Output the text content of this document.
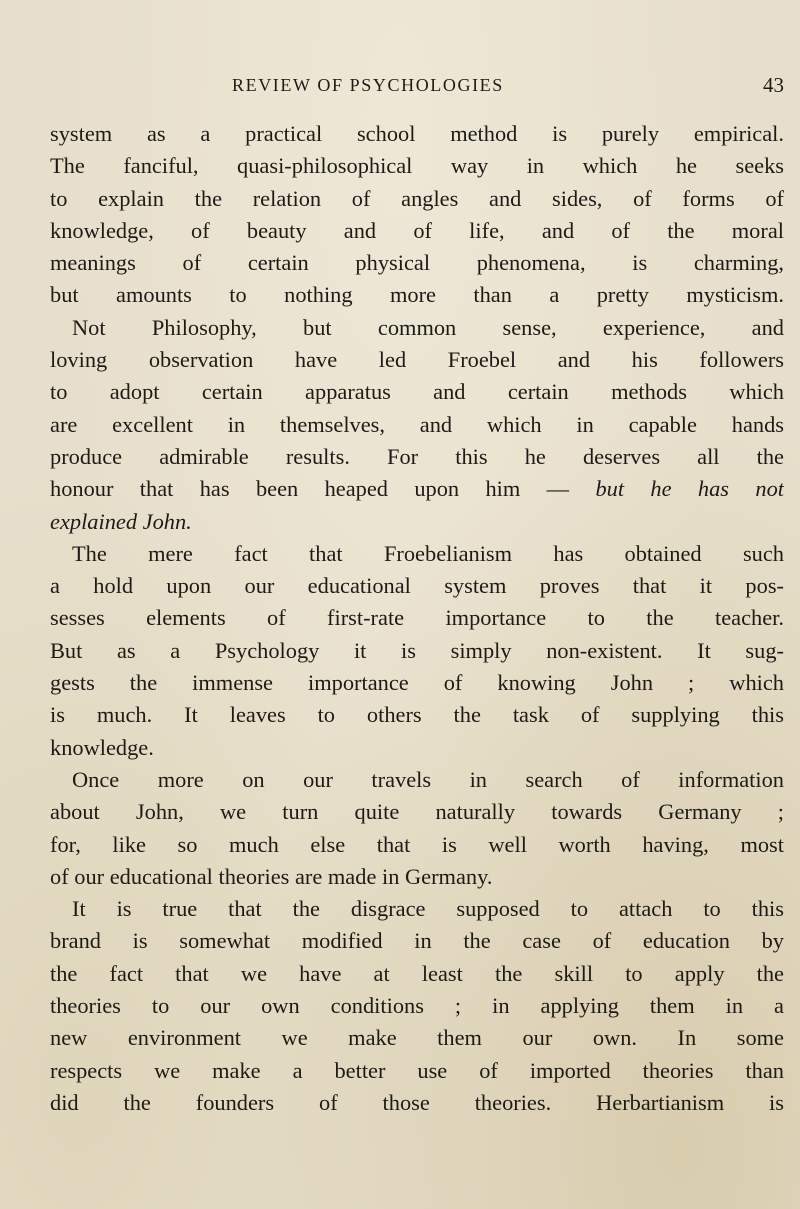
REVIEW OF PSYCHOLOGIES	43
system as a practical school method is purely empirical.
The fanciful, quasi-philosophical way in which he seeks
to explain the relation of angles and sides, of forms of
knowledge, of beauty and of life, and of the moral
meanings of certain physical phenomena, is charming,
but amounts to nothing more than a pretty mysticism.
Not Philosophy, but common sense, experience, and
loving observation have led Froebel and his followers
to adopt certain apparatus and certain methods which
are excellent in themselves, and which in capable hands
produce admirable results. For this he deserves all the
honour that has been heaped upon him — but he has not
explained John.
The mere fact that Froebelianism has obtained such
a hold upon our educational system proves that it pos-
sesses elements of first-rate importance to the teacher.
But as a Psychology it is simply non-existent. It sug-
gests the immense importance of knowing John ; which
is much. It leaves to others the task of supplying this
knowledge.
Once more on our travels in search of information
about John, we turn quite naturally towards Germany ;
for, like so much else that is well worth having, most
of our educational theories are made in Germany.
It is true that the disgrace supposed to attach to this
brand is somewhat modified in the case of education by
the fact that we have at least the skill to apply the
theories to our own conditions ; in applying them in a
new environment we make them our own. In some
respects we make a better use of imported theories than
did the founders of those theories. Herbartianism is
